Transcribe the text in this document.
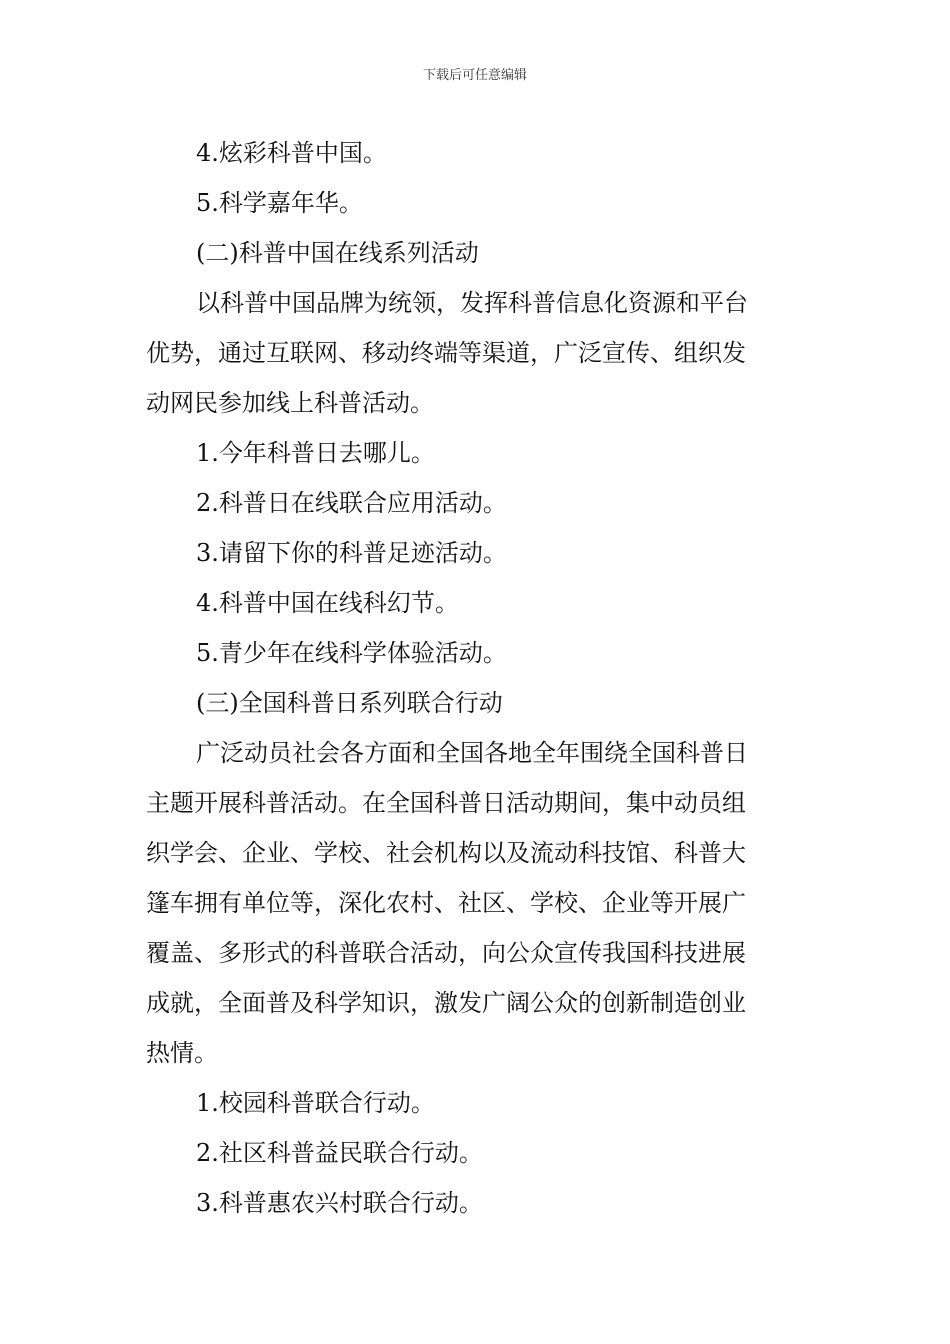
下载后可任意编辑
4.炫彩科普中国。
5.科学嘉年华。
(二)科普中国在线系列活动
以科普中国品牌为统领，发挥科普信息化资源和平台
优势，通过互联网、移动终端等渠道，广泛宣传、组织发
动网民参加线上科普活动。
1.今年科普日去哪儿。
2.科普日在线联合应用活动。
3.请留下你的科普足迹活动。
4.科普中国在线科幻节。
5.青少年在线科学体验活动。
(三)全国科普日系列联合行动
广泛动员社会各方面和全国各地全年围绕全国科普日
主题开展科普活动。在全国科普日活动期间，集中动员组
织学会、企业、学校、社会机构以及流动科技馆、科普大
篷车拥有单位等，深化农村、社区、学校、企业等开展广
覆盖、多形式的科普联合活动，向公众宣传我国科技进展
成就，全面普及科学知识，激发广阔公众的创新制造创业
热情。
1.校园科普联合行动。
2.社区科普益民联合行动。
3.科普惠农兴村联合行动。
